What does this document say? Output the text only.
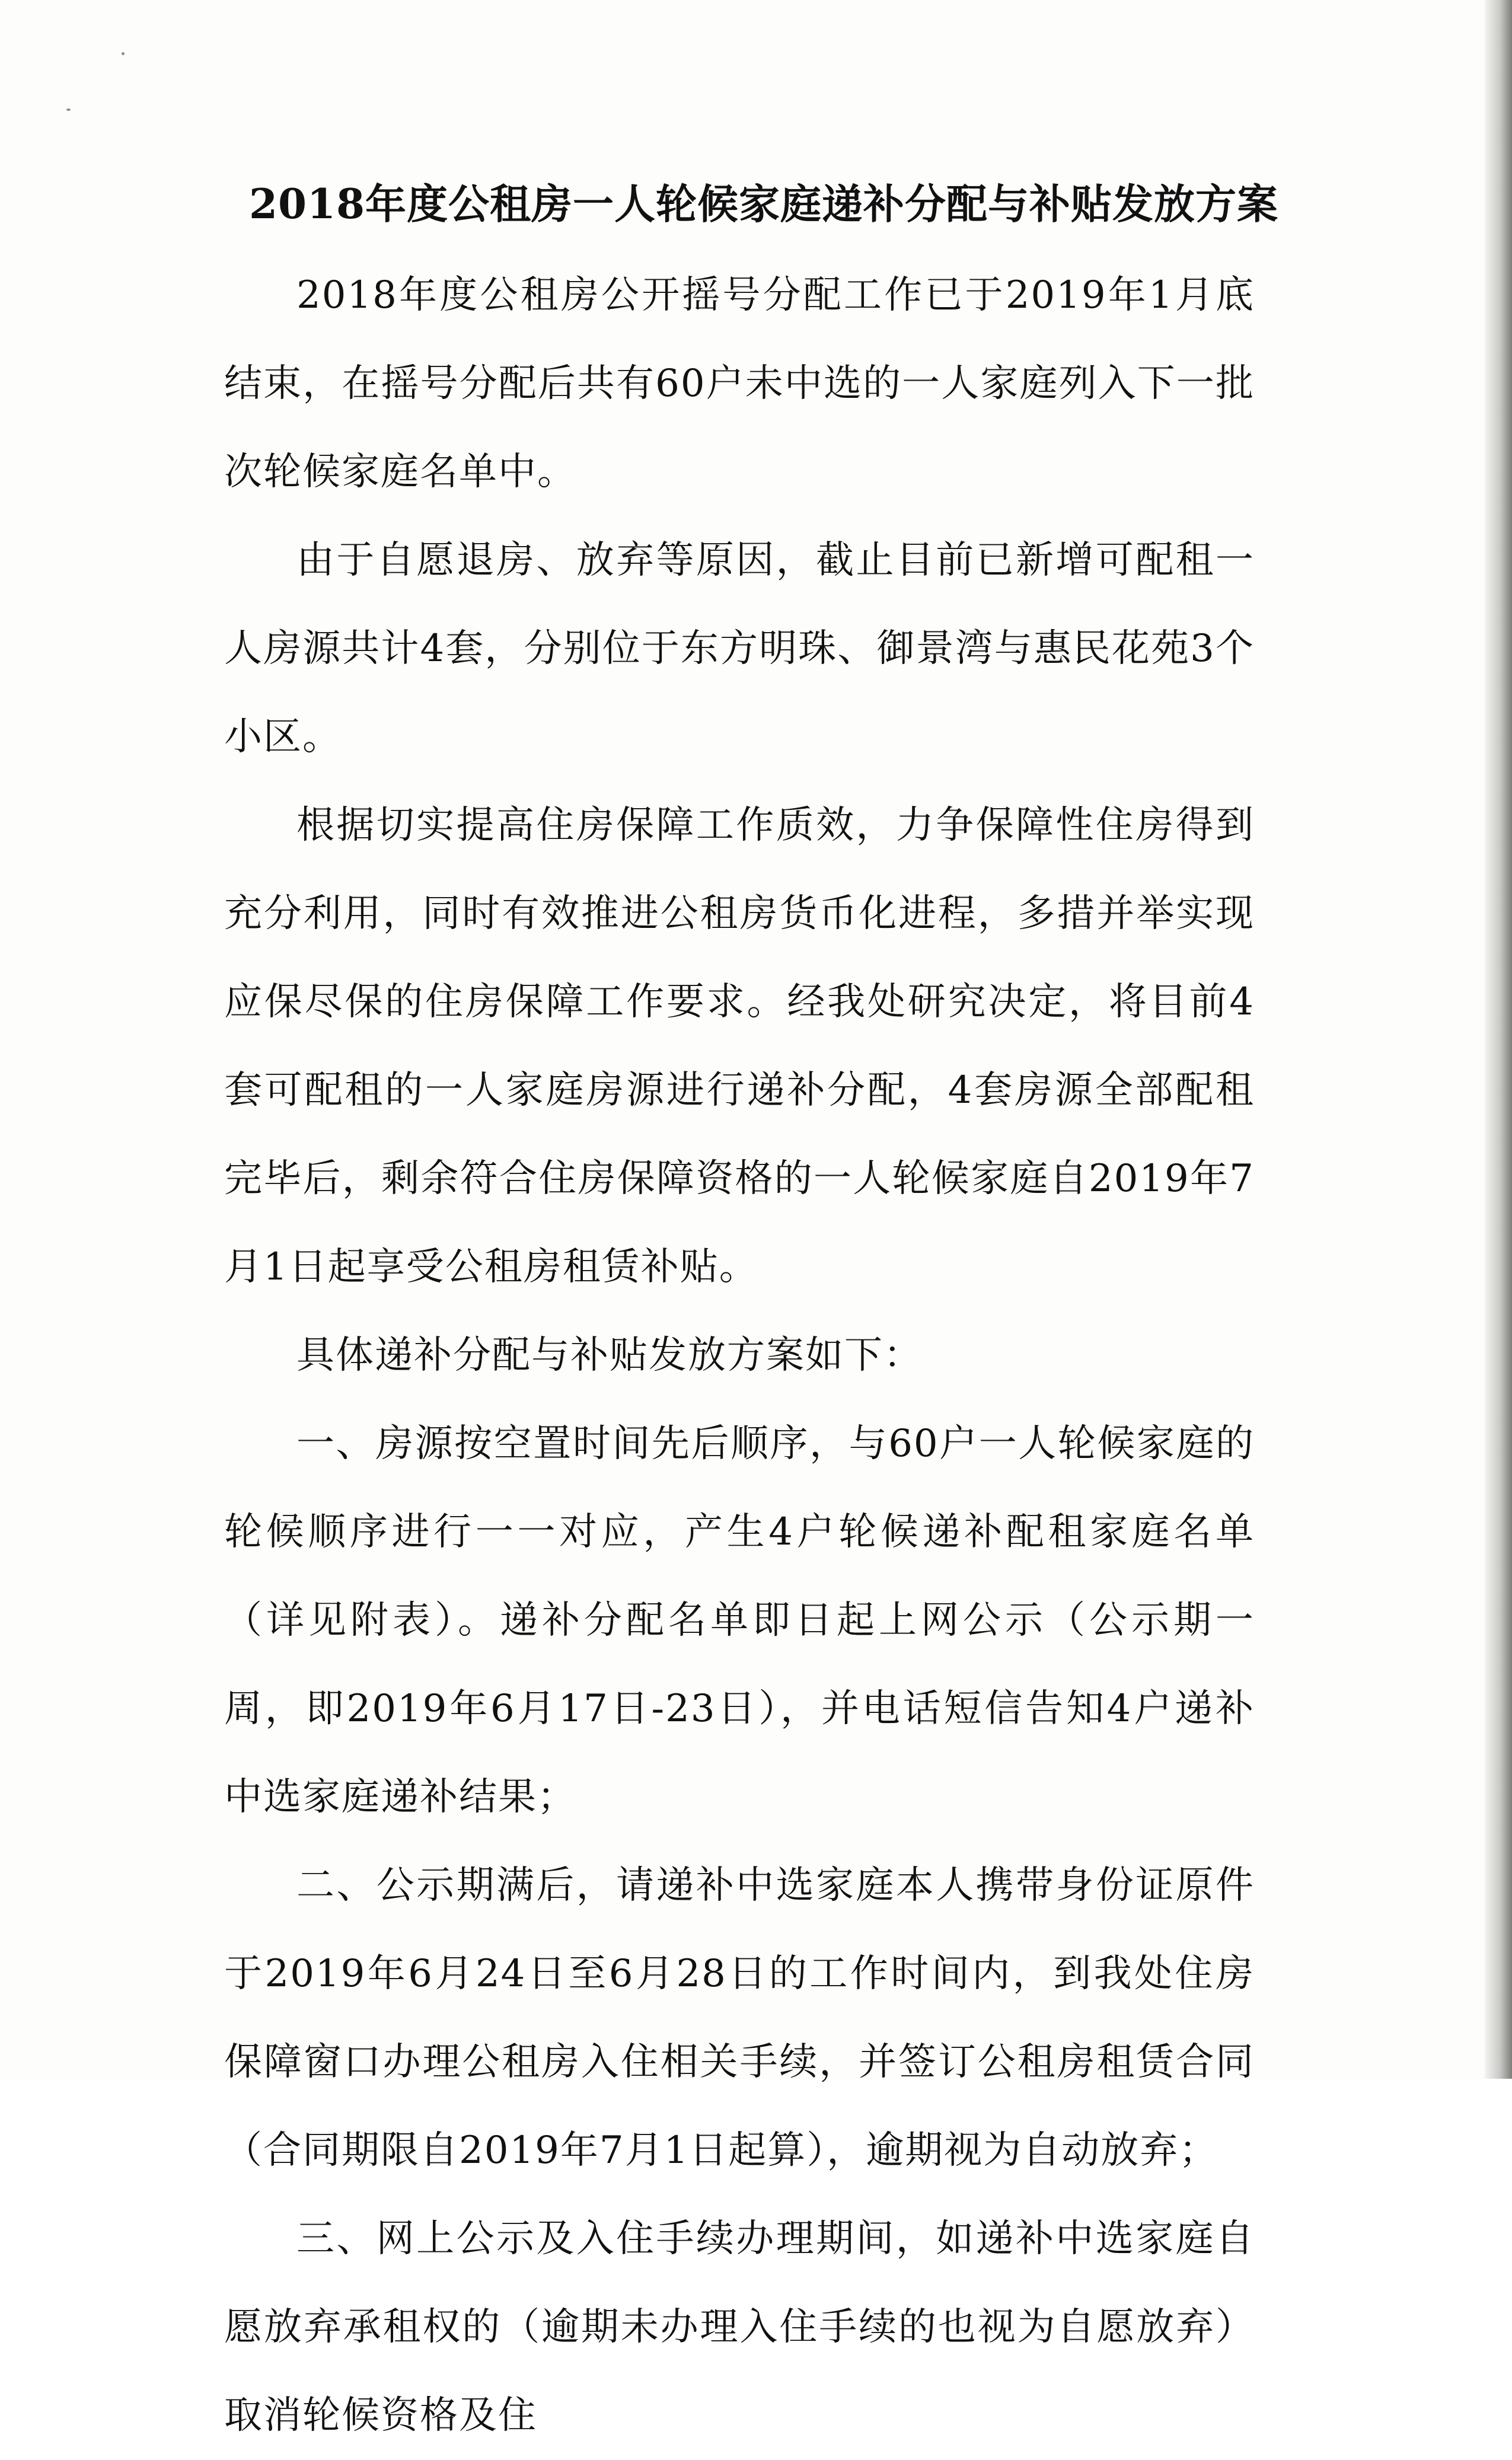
2018年度公租房一人轮候家庭递补分配与补贴发放方案

2018年度公租房公开摇号分配工作已于2019年1月底结束，在摇号分配后共有60户未中选的一人家庭列入下一批次轮候家庭名单中。

由于自愿退房、放弃等原因，截止目前已新增可配租一人房源共计4套，分别位于东方明珠、御景湾与惠民花苑3个小区。

根据切实提高住房保障工作质效，力争保障性住房得到充分利用，同时有效推进公租房货币化进程，多措并举实现应保尽保的住房保障工作要求。经我处研究决定，将目前4套可配租的一人家庭房源进行递补分配，4套房源全部配租完毕后，剩余符合住房保障资格的一人轮候家庭自2019年7月1日起享受公租房租赁补贴。

具体递补分配与补贴发放方案如下：

一、房源按空置时间先后顺序，与60户一人轮候家庭的轮候顺序进行一一对应，产生4户轮候递补配租家庭名单（详见附表）。递补分配名单即日起上网公示（公示期一周，即2019年6月17日-23日），并电话短信告知4户递补中选家庭递补结果；

二、公示期满后，请递补中选家庭本人携带身份证原件于2019年6月24日至6月28日的工作时间内，到我处住房保障窗口办理公租房入住相关手续，并签订公租房租赁合同（合同期限自2019年7月1日起算），逾期视为自动放弃；

三、网上公示及入住手续办理期间，如递补中选家庭自愿放弃承租权的（逾期未办理入住手续的也视为自愿放弃）取消轮候资格及住
